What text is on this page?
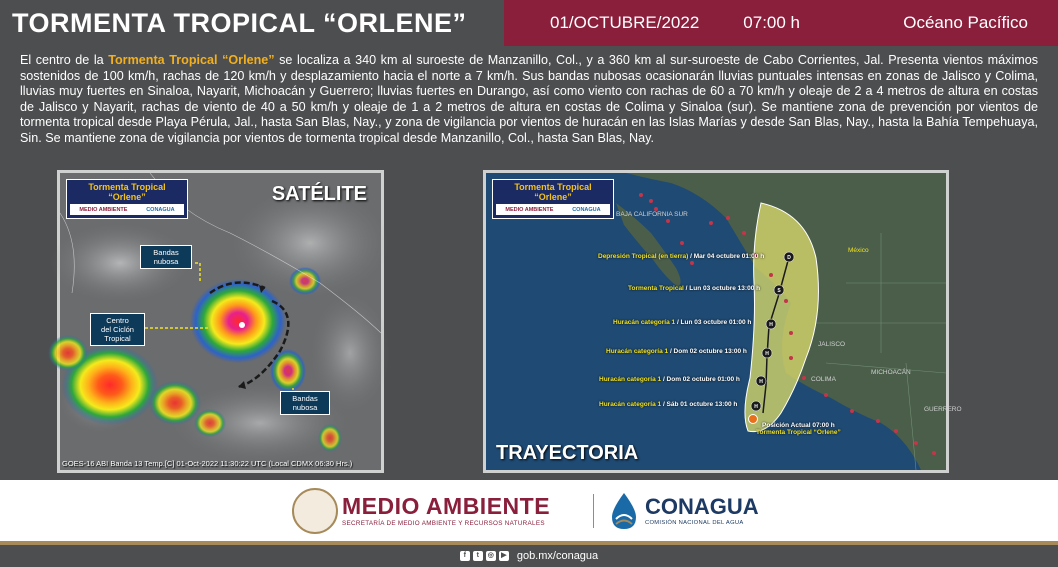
TORMENTA TROPICAL “ORLENE”	01/OCTUBRE/2022	07:00 h	Océano Pacífico
El centro de la Tormenta Tropical “Orlene” se localiza a 340 km al suroeste de Manzanillo, Col., y a 360 km al sur-suroeste de Cabo Corrientes, Jal. Presenta vientos máximos sostenidos de 100 km/h, rachas de 120 km/h y desplazamiento hacia el norte a 7 km/h. Sus bandas nubosas ocasionarán lluvias puntuales intensas en zonas de Jalisco y Colima, lluvias muy fuertes en Sinaloa, Nayarit, Michoacán y Guerrero; lluvias fuertes en Durango, así como viento con rachas de 60 a 70 km/h y oleaje de 2 a 4 metros de altura en costas de Jalisco y Nayarit, rachas de viento de 40 a 50 km/h y oleaje de 1 a 2 metros de altura en costas de Colima y Sinaloa (sur). Se mantiene zona de prevención por vientos de tormenta tropical desde Playa Pérula, Jal., hasta San Blas, Nay., y zona de vigilancia por vientos de huracán en las Islas Marías y desde San Blas, Nay., hasta la Bahía Tempehuaya, Sin. Se mantiene zona de vigilancia por vientos de tormenta tropical desde Manzanillo, Col., hasta San Blas, Nay.
Tormenta Tropical
“Orlene”
MEDIO AMBIENTE	CONAGUA
SATÉLITE
Bandas
nubosa
Centro
del Ciclón
Tropical
Bandas
nubosa
GOES-16 ABI Banda 13 Temp.[C] 01-Oct-2022 11:30:22 UTC (Local CDMX 06:30 Hrs.)
D
S
H
H
H
H
Tormenta Tropical
“Orlene”
MEDIO AMBIENTE	CONAGUA
BAJA CALIFORNIA SUR
México
JALISCO
MICHOACÁN
COLIMA
GUERRERO
Depresión Tropical (en tierra) / Mar 04 octubre 01:00 h
Tormenta Tropical / Lun 03 octubre 13:00 h
Huracán categoría 1 / Lun 03 octubre 01:00 h
Huracán categoría 1 / Dom 02 octubre 13:00 h
Huracán categoría 1 / Dom 02 octubre 01:00 h
Huracán categoría 1 / Sáb 01 octubre 13:00 h
Posición Actual 07:00 h
Tormenta Tropical “Orlene”
TRAYECTORIA
MEDIO AMBIENTE
SECRETARÍA DE MEDIO AMBIENTE Y RECURSOS NATURALES
CONAGUA
COMISIÓN NACIONAL DEL AGUA
f	t	◎	▶ gob.mx/conagua
